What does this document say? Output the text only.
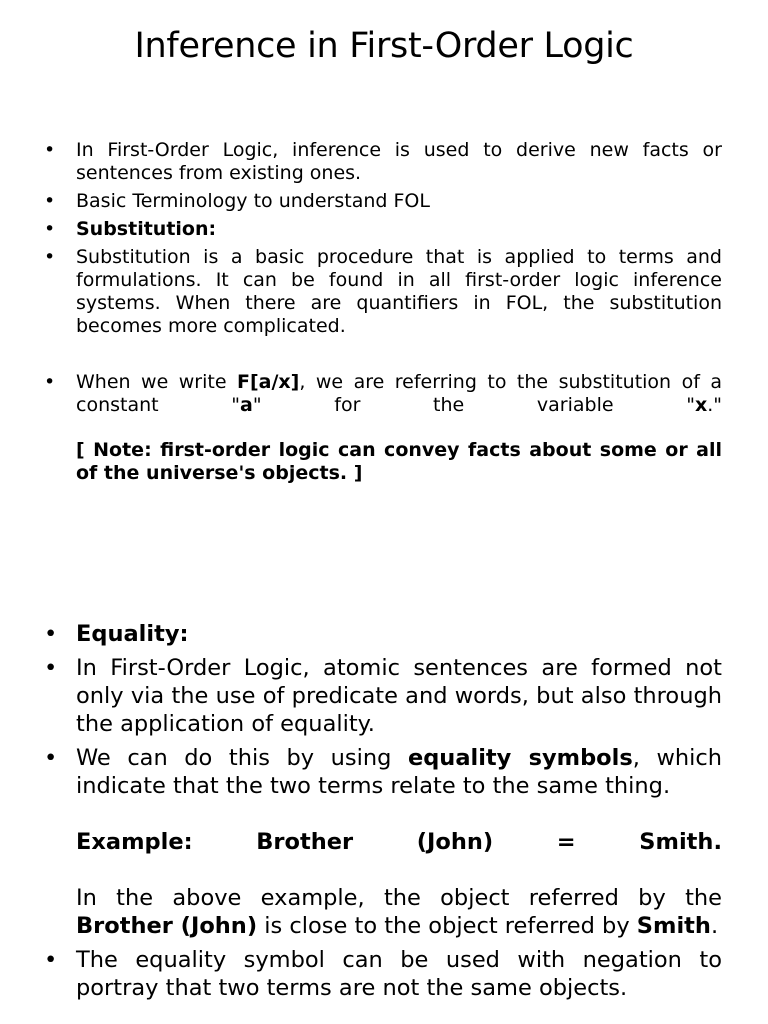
Inference in First-Order Logic
• In First-Order Logic, inference is used to derive new facts or sentences from existing ones.
• Basic Terminology to understand FOL
• Substitution:
• Substitution is a basic procedure that is applied to terms and formulations. It can be found in all first-order logic inference systems. When there are quantifiers in FOL, the substitution becomes more complicated.
• When we write F[a/x], we are referring to the substitution of a constant "a" for the variable "x."
[ Note: first-order logic can convey facts about some or all of the universe's objects. ]
• Equality:
• In First-Order Logic, atomic sentences are formed not only via the use of predicate and words, but also through the application of equality.
• We can do this by using equality symbols, which indicate that the two terms relate to the same thing.
Example: Brother (John) = Smith.
In the above example, the object referred by the Brother (John) is close to the object referred by Smith.
• The equality symbol can be used with negation to portray that two terms are not the same objects.
